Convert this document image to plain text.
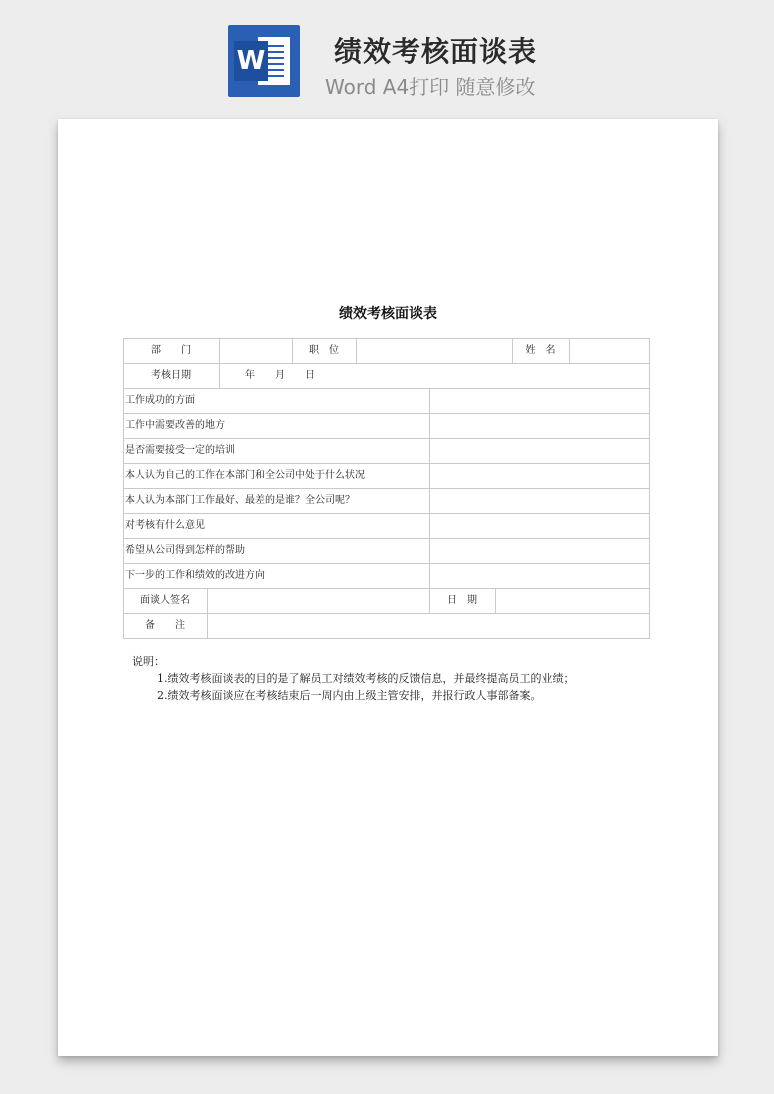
W 绩效考核面谈表
Word A4打印 随意修改
绩效考核面谈表
部　　门	职　位	姓　名
考核日期	年　　月　　日
工作成功的方面
工作中需要改善的地方
是否需要接受一定的培训
本人认为自己的工作在本部门和全公司中处于什么状况
本人认为本部门工作最好、最差的是谁？全公司呢？
对考核有什么意见
希望从公司得到怎样的帮助
下一步的工作和绩效的改进方向
面谈人签名	日　期
备　　注
说明：
1.绩效考核面谈表的目的是了解员工对绩效考核的反馈信息，并最终提高员工的业绩；
2.绩效考核面谈应在考核结束后一周内由上级主管安排，并报行政人事部备案。
